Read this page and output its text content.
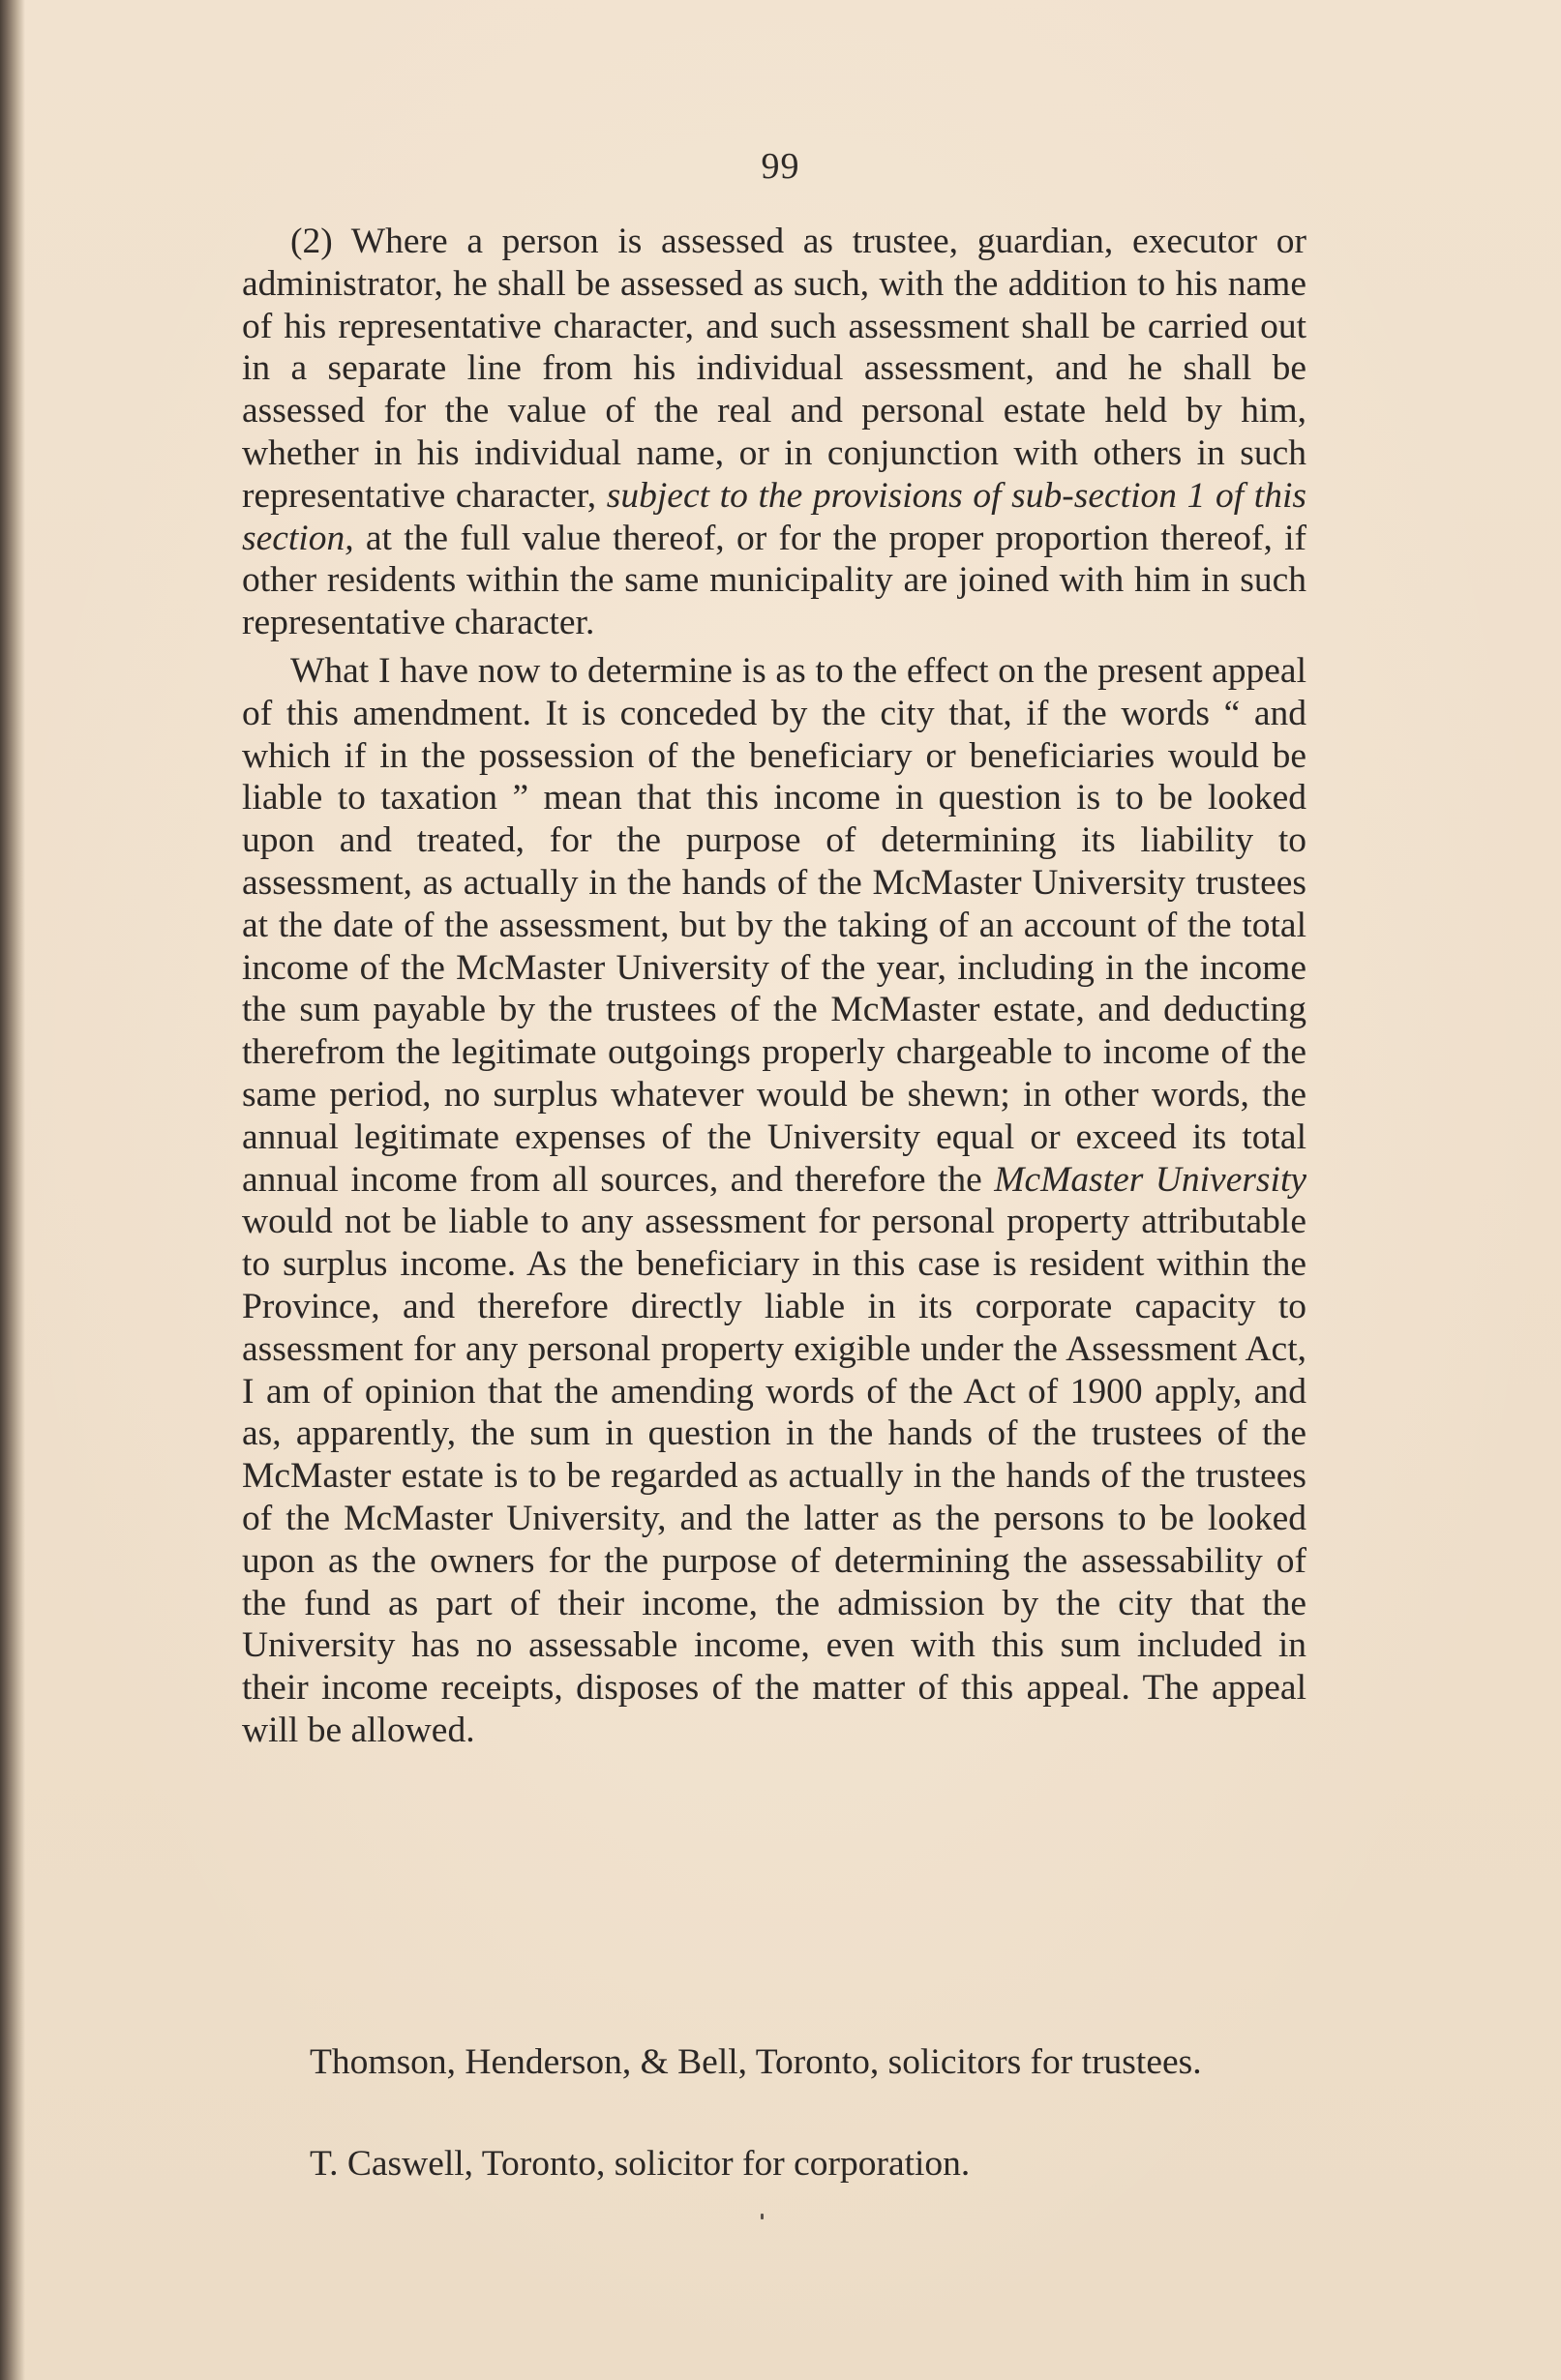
99

(2) Where a person is assessed as trustee, guardian, executor or administrator, he shall be assessed as such, with the addition to his name of his representative character, and such assessment shall be carried out in a separate line from his individual assessment, and he shall be assessed for the value of the real and personal estate held by him, whether in his individual name, or in conjunction with others in such representative character, subject to the provisions of sub-section 1 of this section, at the full value thereof, or for the proper proportion thereof, if other residents within the same municipality are joined with him in such representative character.

What I have now to determine is as to the effect on the present appeal of this amendment. It is conceded by the city that, if the words “ and which if in the possession of the beneficiary or beneficiaries would be liable to taxation ” mean that this income in question is to be looked upon and treated, for the purpose of determining its liability to assessment, as actually in the hands of the McMaster University trustees at the date of the assessment, but by the taking of an account of the total income of the McMaster University of the year, including in the income the sum payable by the trustees of the McMaster estate, and deducting therefrom the legitimate outgoings properly chargeable to income of the same period, no surplus whatever would be shewn; in other words, the annual legitimate expenses of the University equal or exceed its total annual income from all sources, and therefore the McMaster University would not be liable to any assessment for personal property attributable to surplus income. As the beneficiary in this case is resident within the Province, and therefore directly liable in its corporate capacity to assessment for any personal property exigible under the Assessment Act, I am of opinion that the amending words of the Act of 1900 apply, and as, apparently, the sum in question in the hands of the trustees of the McMaster estate is to be regarded as actually in the hands of the trustees of the McMaster University, and the latter as the persons to be looked upon as the owners for the purpose of determining the assessability of the fund as part of their income, the admission by the city that the University has no assessable income, even with this sum included in their income receipts, disposes of the matter of this appeal. The appeal will be allowed.

Thomson, Henderson, & Bell, Toronto, solicitors for trustees.
T. Caswell, Toronto, solicitor for corporation.
